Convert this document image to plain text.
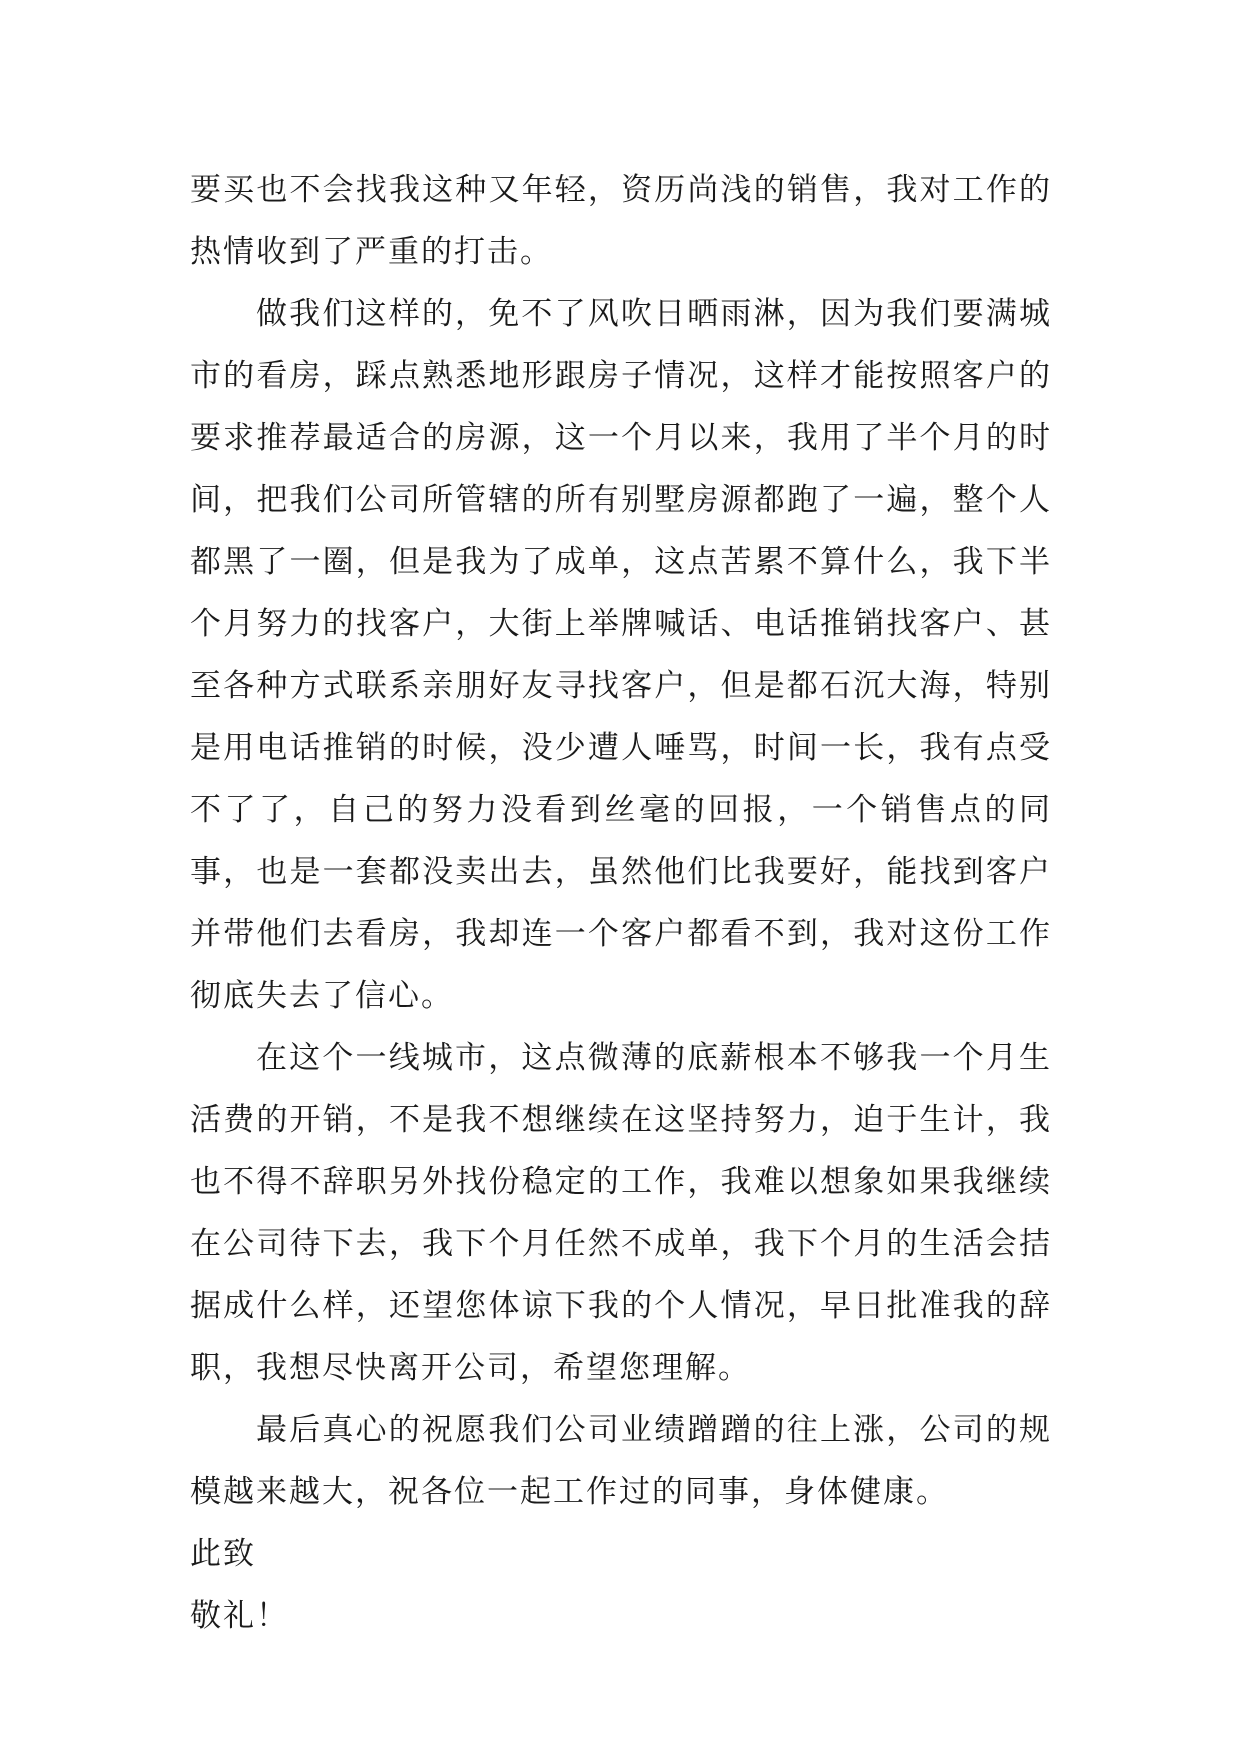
要买也不会找我这种又年轻，资历尚浅的销售，我对工作的热情收到了严重的打击。

做我们这样的，免不了风吹日晒雨淋，因为我们要满城市的看房，踩点熟悉地形跟房子情况，这样才能按照客户的要求推荐最适合的房源，这一个月以来，我用了半个月的时间，把我们公司所管辖的所有别墅房源都跑了一遍，整个人都黑了一圈，但是我为了成单，这点苦累不算什么，我下半个月努力的找客户，大街上举牌喊话、电话推销找客户、甚至各种方式联系亲朋好友寻找客户，但是都石沉大海，特别是用电话推销的时候，没少遭人唾骂，时间一长，我有点受不了了，自己的努力没看到丝毫的回报，一个销售点的同事，也是一套都没卖出去，虽然他们比我要好，能找到客户并带他们去看房，我却连一个客户都看不到，我对这份工作彻底失去了信心。

在这个一线城市，这点微薄的底薪根本不够我一个月生活费的开销，不是我不想继续在这坚持努力，迫于生计，我也不得不辞职另外找份稳定的工作，我难以想象如果我继续在公司待下去，我下个月任然不成单，我下个月的生活会拮据成什么样，还望您体谅下我的个人情况，早日批准我的辞职，我想尽快离开公司，希望您理解。

最后真心的祝愿我们公司业绩蹭蹭的往上涨，公司的规模越来越大，祝各位一起工作过的同事，身体健康。

此致

敬礼！
